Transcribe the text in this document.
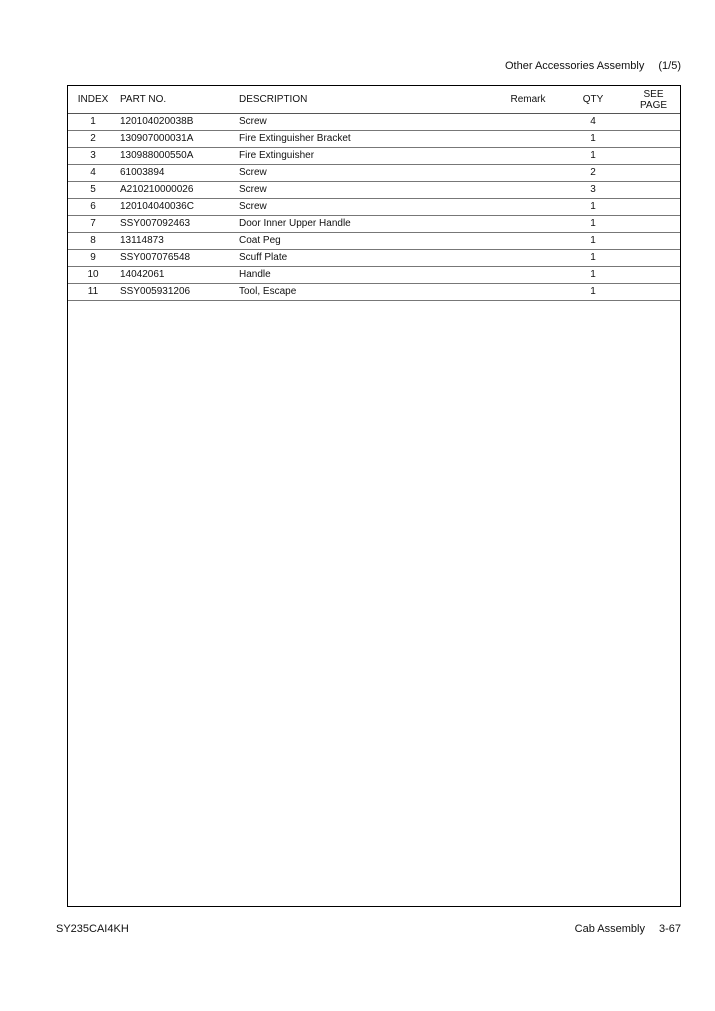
Other Accessories Assembly (1/5)
INDEX	PART NO.	DESCRIPTION	Remark	QTY	SEE
PAGE

1	120104020038B	Screw		4	
2	130907000031A	Fire Extinguisher Bracket		1	
3	130988000550A	Fire Extinguisher		1	
4	61003894	Screw		2	
5	A210210000026	Screw		3	
6	120104040036C	Screw		1	
7	SSY007092463	Door Inner Upper Handle		1	
8	13114873	Coat Peg		1	
9	SSY007076548	Scuff Plate		1	
10	14042061	Handle		1	
11	SSY005931206	Tool, Escape		1	
SY235CAI4KH	Cab Assembly 3-67
